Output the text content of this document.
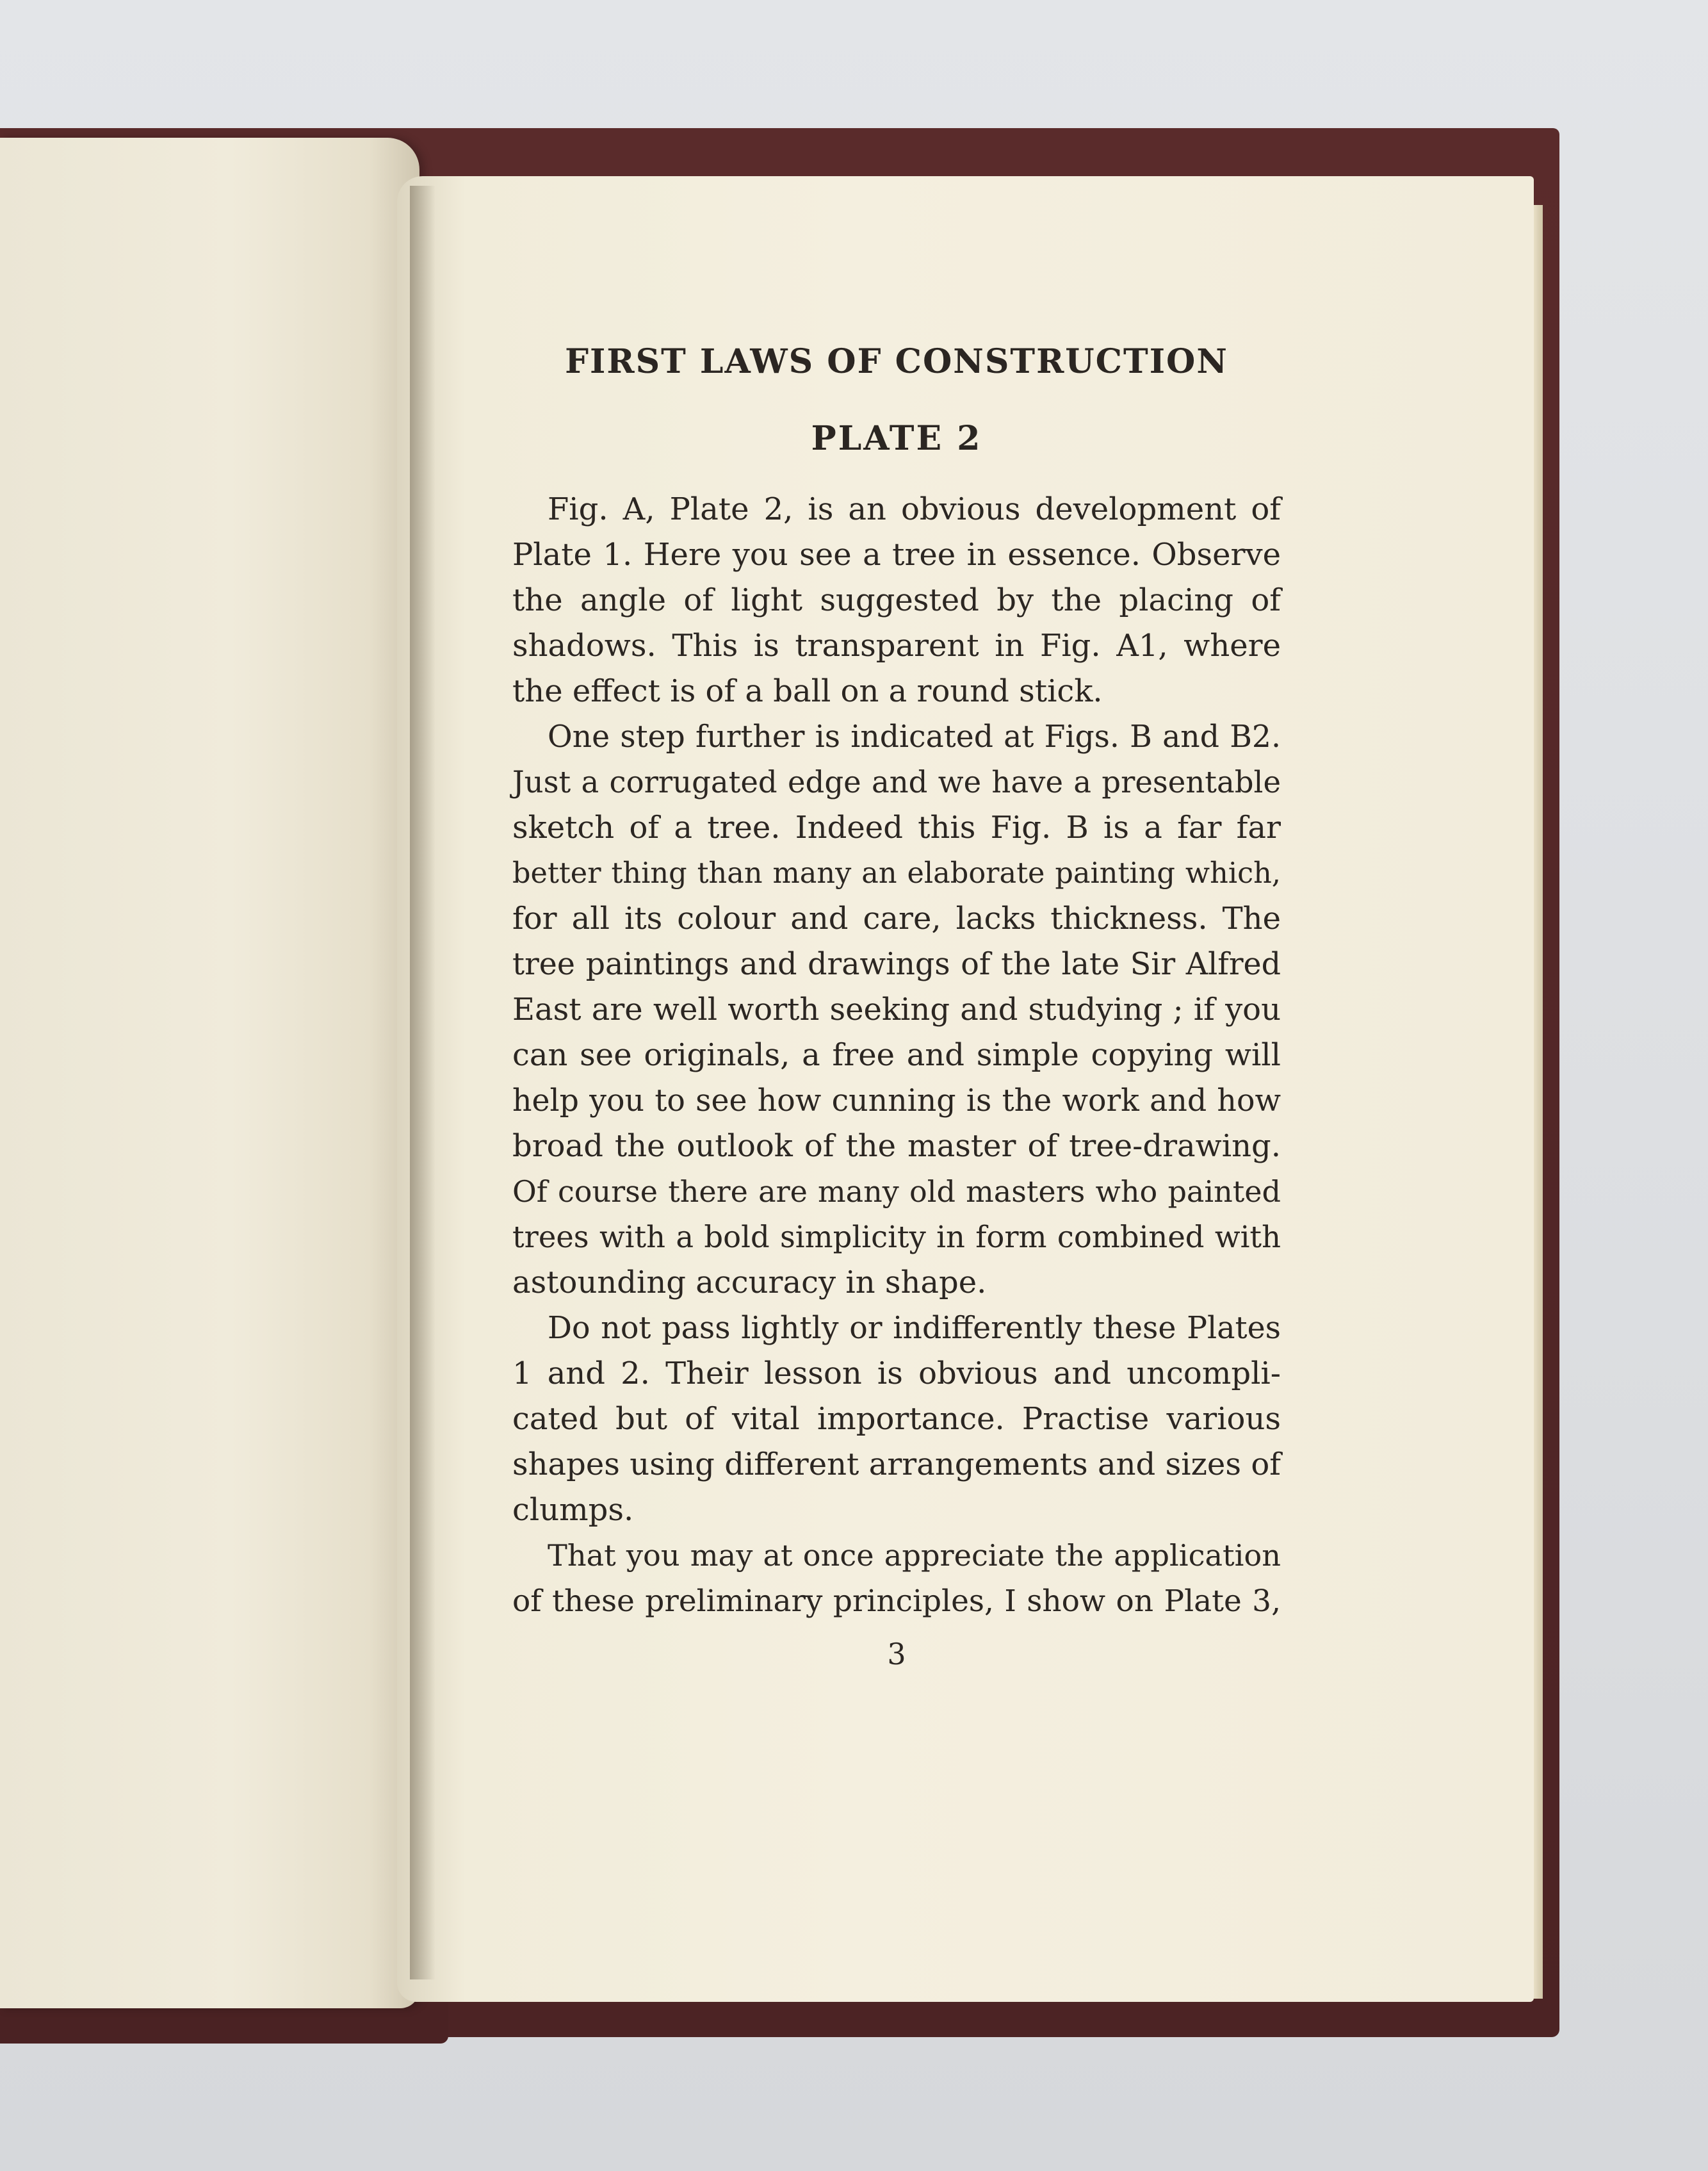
FIRST LAWS OF CONSTRUCTION
PLATE 2

Fig. A, Plate 2, is an obvious development of
Plate 1. Here you see a tree in essence. Observe
the angle of light suggested by the placing of
shadows. This is transparent in Fig. A1, where
the effect is of a ball on a round stick.

One step further is indicated at Figs. B and B2.
Just a corrugated edge and we have a presentable
sketch of a tree. Indeed this Fig. B is a far far
better thing than many an elaborate painting which,
for all its colour and care, lacks thickness. The
tree paintings and drawings of the late Sir Alfred
East are well worth seeking and studying ; if you
can see originals, a free and simple copying will
help you to see how cunning is the work and how
broad the outlook of the master of tree-drawing.
Of course there are many old masters who painted
trees with a bold simplicity in form combined with
astounding accuracy in shape.

Do not pass lightly or indifferently these Plates
1 and 2. Their lesson is obvious and uncompli-
cated but of vital importance. Practise various
shapes using different arrangements and sizes of
clumps.

That you may at once appreciate the application
of these preliminary principles, I show on Plate 3,

3
